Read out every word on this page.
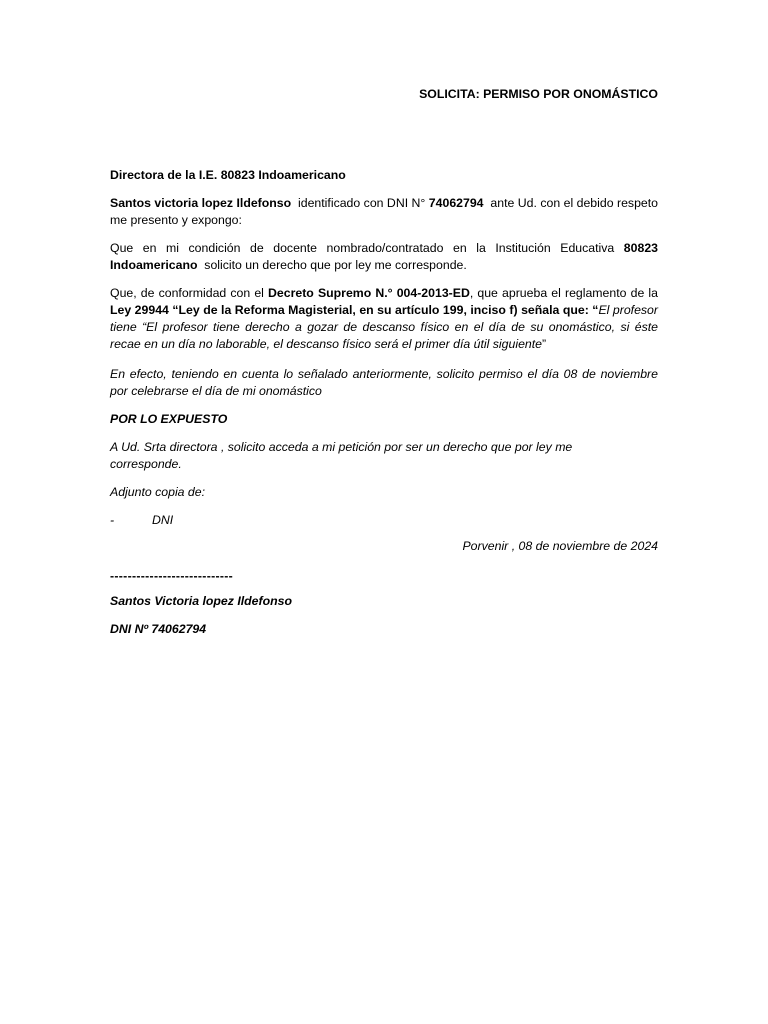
SOLICITA: PERMISO POR ONOMÁSTICO

Directora de la I.E. 80823 Indoamericano

Santos victoria lopez Ildefonso  identificado con DNI N° 74062794  ante Ud. con el debido respeto me presento y expongo:

Que en mi condición de docente nombrado/contratado en la Institución Educativa 80823 Indoamericano  solicito un derecho que por ley me corresponde.

Que, de conformidad con el Decreto Supremo N.° 004-2013-ED, que aprueba el reglamento de la Ley 29944 “Ley de la Reforma Magisterial, en su artículo 199, inciso f) señala que: “El profesor tiene “El profesor tiene derecho a gozar de descanso físico en el día de su onomástico, si éste recae en un día no laborable, el descanso físico será el primer día útil siguiente”

En efecto, teniendo en cuenta lo señalado anteriormente, solicito permiso el día 08 de noviembre por celebrarse el día de mi onomástico

POR LO EXPUESTO

A Ud. Srta directora , solicito acceda a mi petición por ser un derecho que por ley me corresponde.

Adjunto copia de:

-	DNI

Porvenir , 08 de noviembre de 2024

----------------------------

Santos Victoria lopez Ildefonso

DNI Nº 74062794
